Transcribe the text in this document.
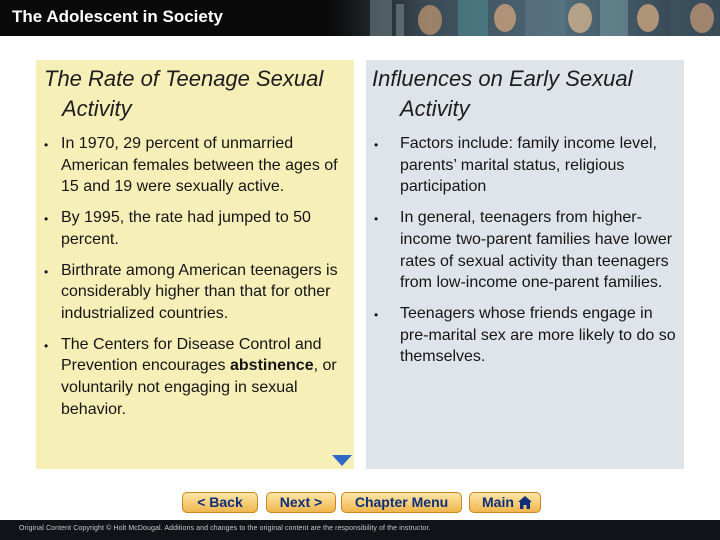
The Adolescent in Society
The Rate of Teenage Sexual Activity
• In 1970, 29 percent of unmarried American females between the ages of 15 and 19 were sexually active.
• By 1995, the rate had jumped to 50 percent.
• Birthrate among American teenagers is considerably higher than that for other industrialized countries.
• The Centers for Disease Control and Prevention encourages abstinence, or voluntarily not engaging in sexual behavior.
Influences on Early Sexual Activity
• Factors include: family income level, parents’ marital status, religious participation
• In general, teenagers from higher-income two-parent families have lower rates of sexual activity than teenagers from low-income one-parent families.
• Teenagers whose friends engage in pre-marital sex are more likely to do so themselves.
< Back	Next >	Chapter Menu	Main
Original Content Copyright © Holt McDougal. Additions and changes to the original content are the responsibility of the instructor.
